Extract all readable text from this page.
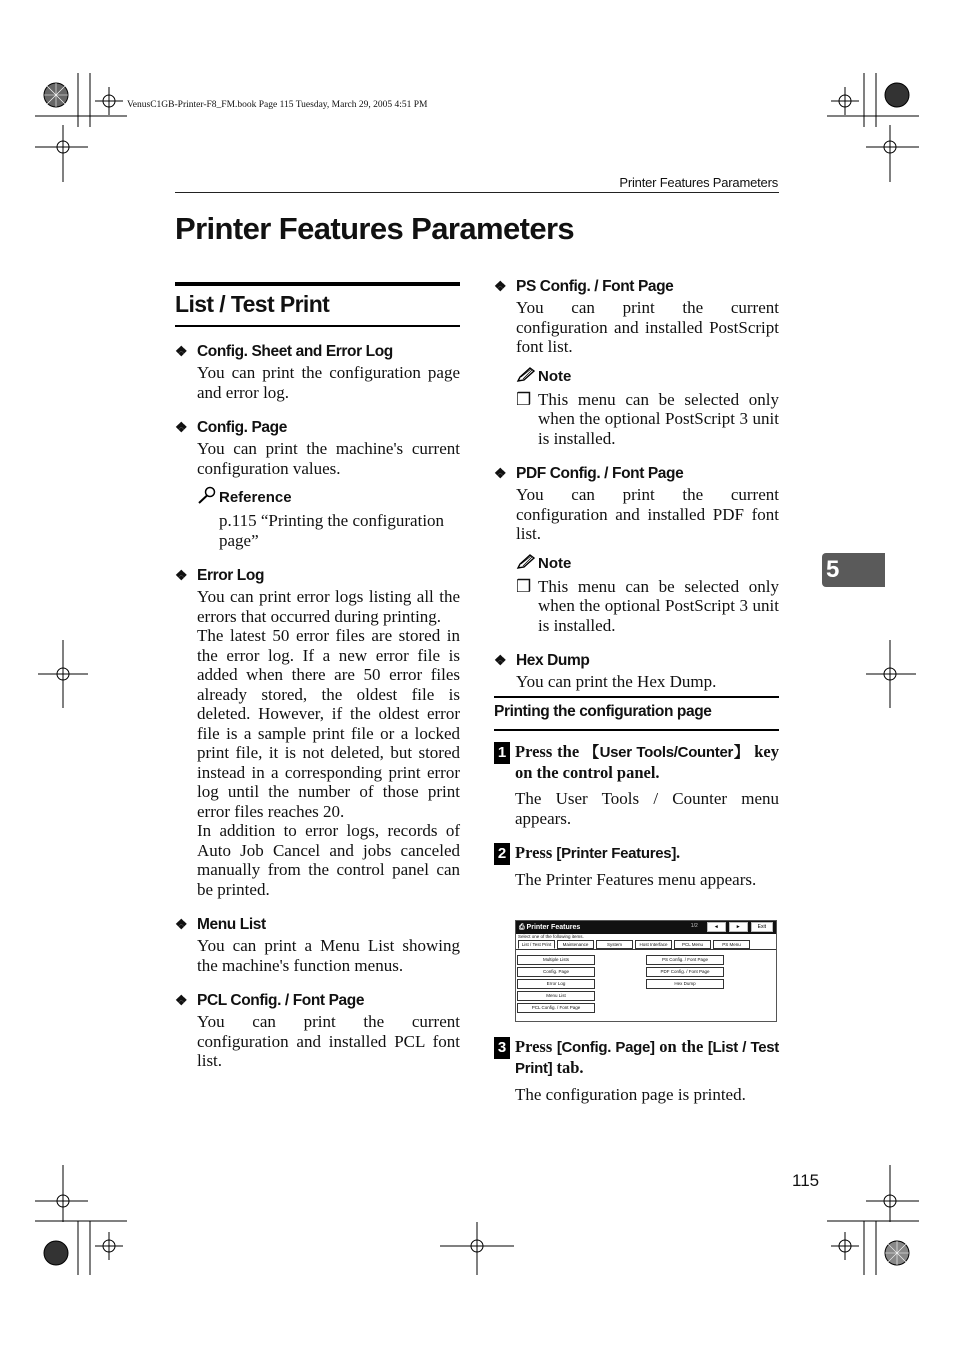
VenusC1GB-Printer-F8_FM.book Page 115 Tuesday, March 29, 2005 4:51 PM
Printer Features Parameters
Printer Features Parameters
List / Test Print
❖ Config. Sheet and Error Log
You can print the configuration page and error log.
❖ Config. Page
You can print the machine's current configuration values.
Reference
p.115 “Printing the configuration page”
❖ Error Log

You can print error logs listing all the errors that occurred during printing.

The latest 50 error files are stored in the error log. If a new error file is added when there are 50 error files already stored, the oldest file is deleted. However, if the oldest error file is a sample print file or a locked print file, it is not deleted, but stored instead in a corresponding print error log until the number of those print error files reaches 20.

In addition to error logs, records of Auto Job Cancel and jobs canceled manually from the control panel can be printed.

❖ Menu List
You can print a Menu List showing the machine's function menus.
❖ PCL Config. / Font Page
You can print the current configuration and installed PCL font list.
❖ PS Config. / Font Page
You can print the current configuration and installed PostScript font list.
Note
❒ This menu can be selected only when the optional PostScript 3 unit is installed.
❖ PDF Config. / Font Page
You can print the current configuration and installed PDF font list.
Note
❒ This menu can be selected only when the optional PostScript 3 unit is installed.
❖ Hex Dump
You can print the Hex Dump.
Printing the configuration page
1 Press the 【User Tools/Counter】 key on the control panel.
The User Tools / Counter menu appears.
2 Press [Printer Features].
The Printer Features menu appears.
⎙ Printer Features	1/2	◄	►	Exit
Select one of the following items.
List / Test Print	Maintenance	System	Host Interface	PCL Menu	PS Menu
Multiple Lists
Config. Page
Error Log
Menu List
PCL Config. / Font Page
PS Config. / Font Page
PDF Config. / Font Page
Hex Dump
3 Press [Config. Page] on the [List / Test Print] tab.
The configuration page is printed.
5
115
